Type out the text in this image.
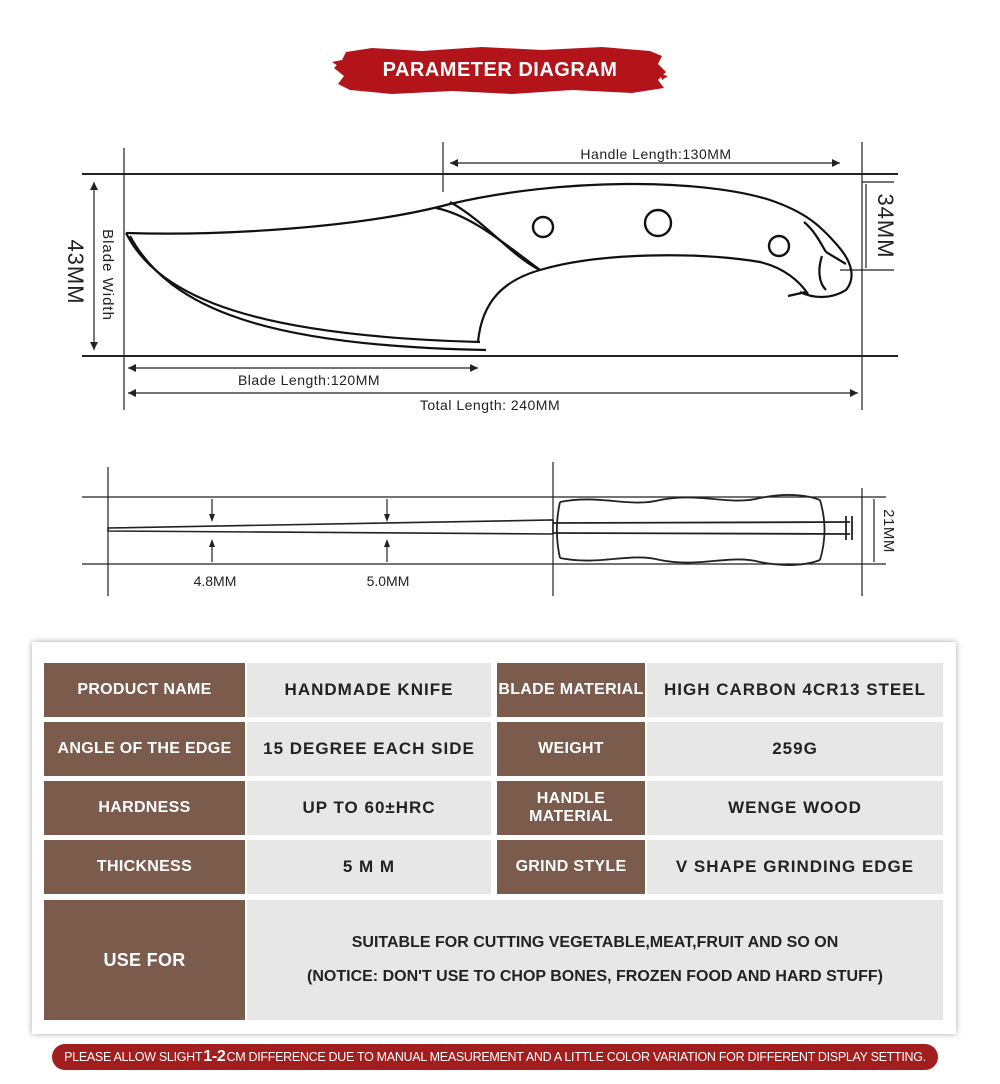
PARAMETER DIAGRAM
Handle Length:130MM
Blade Length:120MM
Total Length: 240MM
Blade Width
43MM
34MM
4.8MM	5.0MM
21MM
PRODUCT NAME	HANDMADE KNIFE	BLADE MATERIAL	HIGH CARBON 4CR13 STEEL
ANGLE OF THE EDGE	15 DEGREE EACH SIDE	WEIGHT	259G
HARDNESS	UP TO 60±HRC	HANDLE MATERIAL	WENGE WOOD
THICKNESS	5 M M	GRIND STYLE	V SHAPE GRINDING EDGE
USE FOR
SUITABLE FOR CUTTING VEGETABLE,MEAT,FRUIT AND SO ON
(NOTICE: DON'T USE TO CHOP BONES, FROZEN FOOD AND HARD STUFF)
PLEASE ALLOW SLIGHT 1-2 CM DIFFERENCE DUE TO MANUAL MEASUREMENT AND A LITTLE COLOR VARIATION FOR DIFFERENT DISPLAY SETTING.
